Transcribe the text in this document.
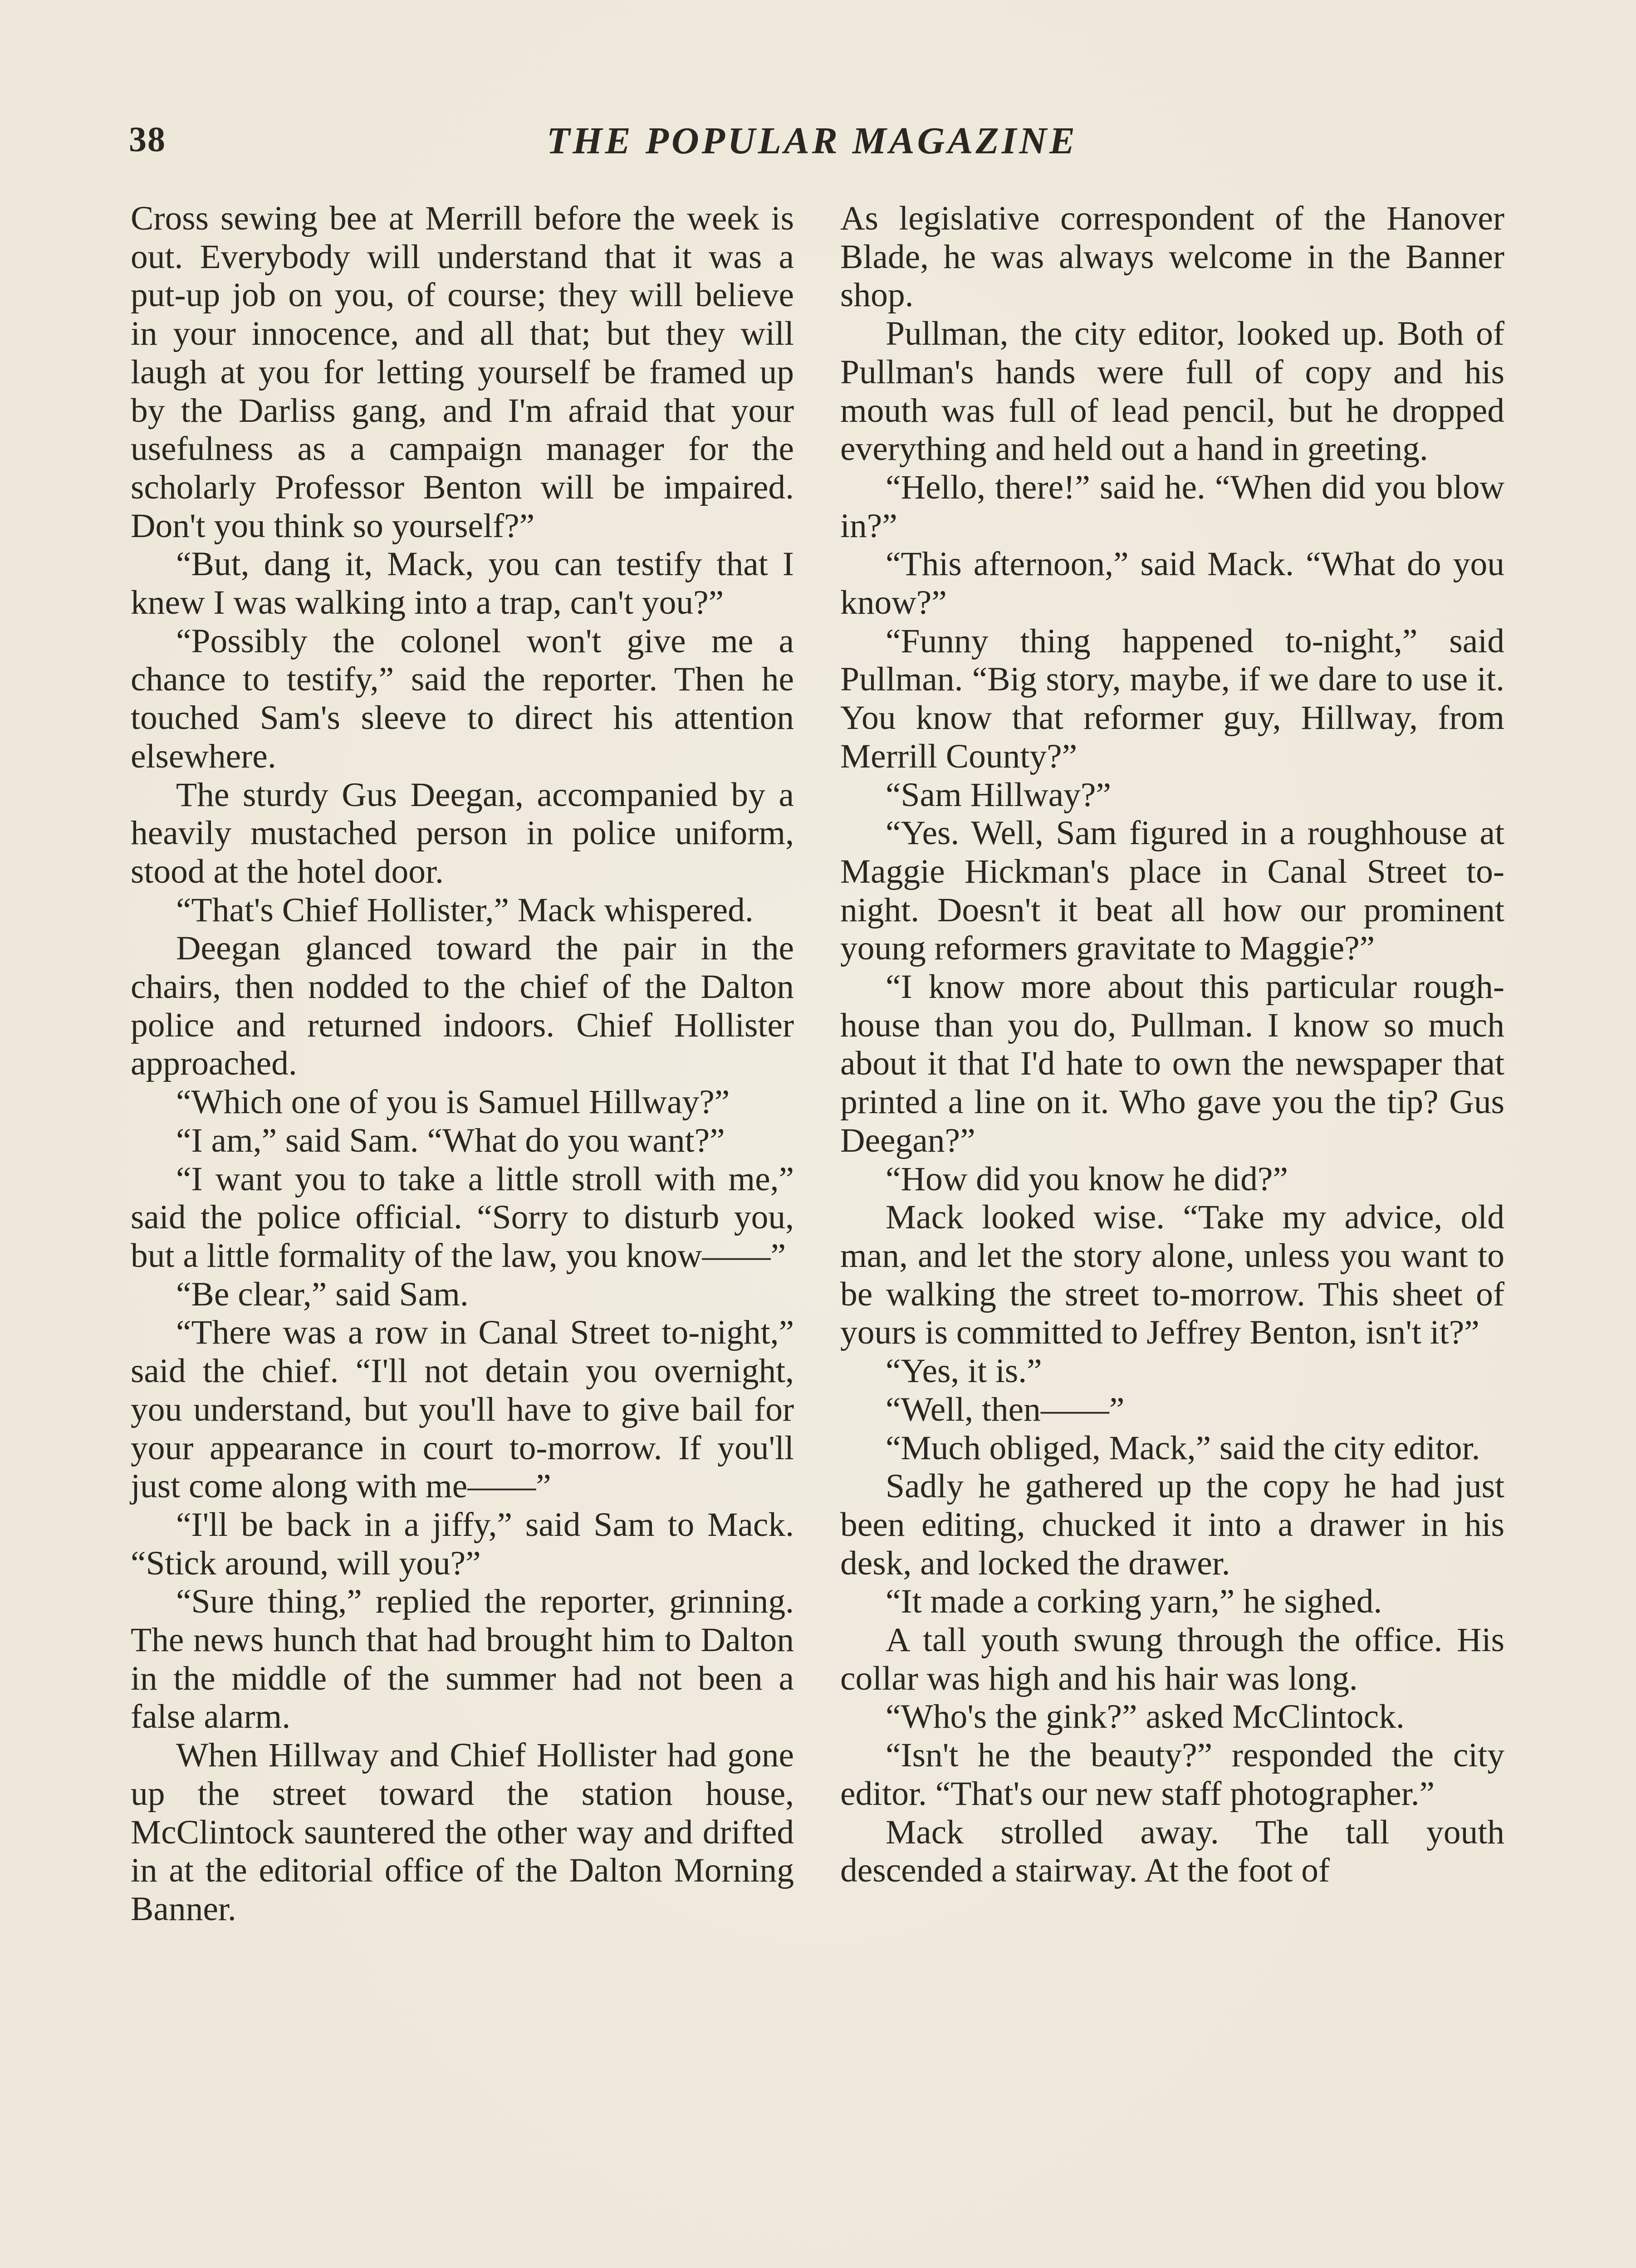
38	THE POPULAR MAGAZINE

Cross sewing bee at Merrill before the week is out. Everybody will understand that it was a put-up job on you, of course; they will believe in your innocence, and all that; but they will laugh at you for letting yourself be framed up by the Darliss gang, and I'm afraid that your usefulness as a campaign manager for the scholarly Professor Benton will be impaired. Don't you think so yourself?”

“But, dang it, Mack, you can testify that I knew I was walking into a trap, can't you?”

“Possibly the colonel won't give me a chance to testify,” said the reporter. Then he touched Sam's sleeve to direct his attention elsewhere.

The sturdy Gus Deegan, accompanied by a heavily mustached person in police uniform, stood at the hotel door.

“That's Chief Hollister,” Mack whispered.

Deegan glanced toward the pair in the chairs, then nodded to the chief of the Dalton police and returned indoors. Chief Hollister approached.

“Which one of you is Samuel Hillway?”

“I am,” said Sam. “What do you want?”

“I want you to take a little stroll with me,” said the police official. “Sorry to disturb you, but a little formality of the law, you know——”

“Be clear,” said Sam.

“There was a row in Canal Street to-night,” said the chief. “I'll not detain you overnight, you understand, but you'll have to give bail for your appearance in court to-morrow. If you'll just come along with me——”

“I'll be back in a jiffy,” said Sam to Mack. “Stick around, will you?”

“Sure thing,” replied the reporter, grinning. The news hunch that had brought him to Dalton in the middle of the summer had not been a false alarm.

When Hillway and Chief Hollister had gone up the street toward the station house, McClintock sauntered the other way and drifted in at the editorial office of the Dalton Morning Banner.

As legislative correspondent of the Hanover Blade, he was always welcome in the Banner shop.

Pullman, the city editor, looked up. Both of Pullman's hands were full of copy and his mouth was full of lead pencil, but he dropped everything and held out a hand in greeting.

“Hello, there!” said he. “When did you blow in?”

“This afternoon,” said Mack. “What do you know?”

“Funny thing happened to-night,” said Pullman. “Big story, maybe, if we dare to use it. You know that reformer guy, Hillway, from Merrill County?”

“Sam Hillway?”

“Yes. Well, Sam figured in a roughhouse at Maggie Hickman's place in Canal Street to-night. Doesn't it beat all how our prominent young reformers gravitate to Maggie?”

“I know more about this particular rough-house than you do, Pullman. I know so much about it that I'd hate to own the newspaper that printed a line on it. Who gave you the tip? Gus Deegan?”

“How did you know he did?”

Mack looked wise. “Take my advice, old man, and let the story alone, unless you want to be walking the street to-morrow. This sheet of yours is committed to Jeffrey Benton, isn't it?”

“Yes, it is.”

“Well, then——”

“Much obliged, Mack,” said the city editor.

Sadly he gathered up the copy he had just been editing, chucked it into a drawer in his desk, and locked the drawer.

“It made a corking yarn,” he sighed.

A tall youth swung through the office. His collar was high and his hair was long.

“Who's the gink?” asked McClintock.

“Isn't he the beauty?” responded the city editor. “That's our new staff photographer.”

Mack strolled away. The tall youth descended a stairway. At the foot of
